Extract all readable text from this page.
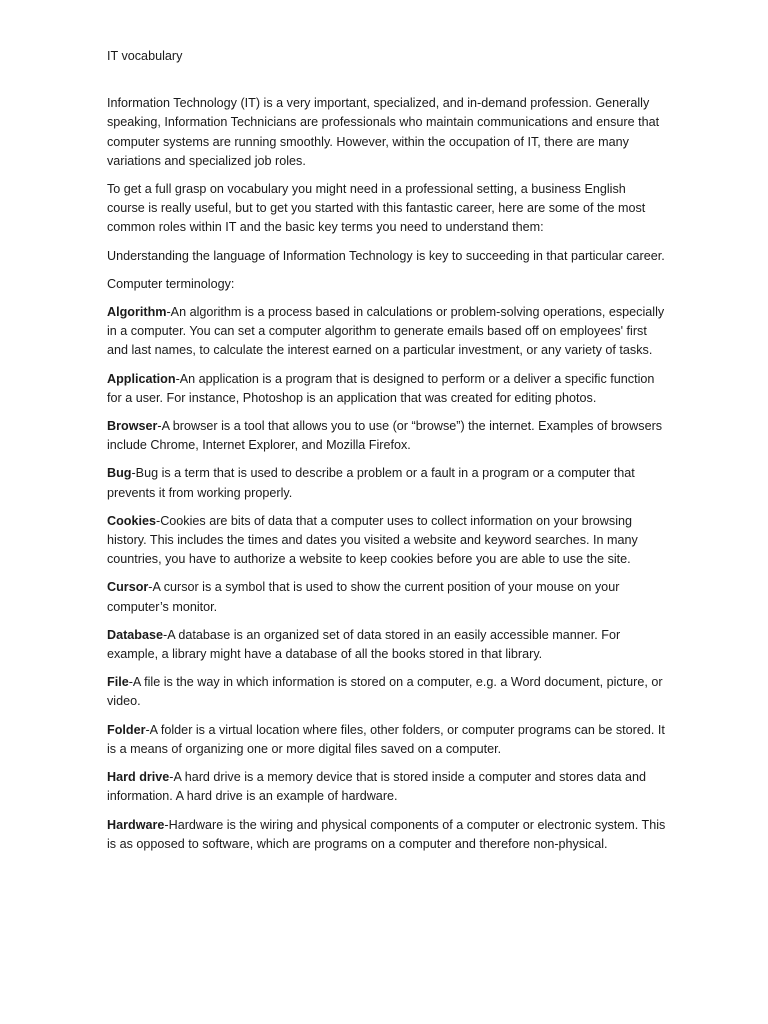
IT vocabulary

Information Technology (IT) is a very important, specialized, and in-demand profession. Generally speaking, Information Technicians are professionals who maintain communications and ensure that computer systems are running smoothly. However, within the occupation of IT, there are many variations and specialized job roles.

To get a full grasp on vocabulary you might need in a professional setting, a business English course is really useful, but to get you started with this fantastic career, here are some of the most common roles within IT and the basic key terms you need to understand them:

Understanding the language of Information Technology is key to succeeding in that particular career.

Computer terminology:

Algorithm-An algorithm is a process based in calculations or problem-solving operations, especially in a computer. You can set a computer algorithm to generate emails based off on employees' first and last names, to calculate the interest earned on a particular investment, or any variety of tasks.

Application-An application is a program that is designed to perform or a deliver a specific function for a user. For instance, Photoshop is an application that was created for editing photos.

Browser-A browser is a tool that allows you to use (or “browse”) the internet. Examples of browsers include Chrome, Internet Explorer, and Mozilla Firefox.

Bug-Bug is a term that is used to describe a problem or a fault in a program or a computer that prevents it from working properly.

Cookies-Cookies are bits of data that a computer uses to collect information on your browsing history. This includes the times and dates you visited a website and keyword searches. In many countries, you have to authorize a website to keep cookies before you are able to use the site.

Cursor-A cursor is a symbol that is used to show the current position of your mouse on your computer’s monitor.

Database-A database is an organized set of data stored in an easily accessible manner. For example, a library might have a database of all the books stored in that library.

File-A file is the way in which information is stored on a computer, e.g. a Word document, picture, or video.

Folder-A folder is a virtual location where files, other folders, or computer programs can be stored. It is a means of organizing one or more digital files saved on a computer.

Hard drive-A hard drive is a memory device that is stored inside a computer and stores data and information. A hard drive is an example of hardware.

Hardware-Hardware is the wiring and physical components of a computer or electronic system. This is as opposed to software, which are programs on a computer and therefore non-physical.
